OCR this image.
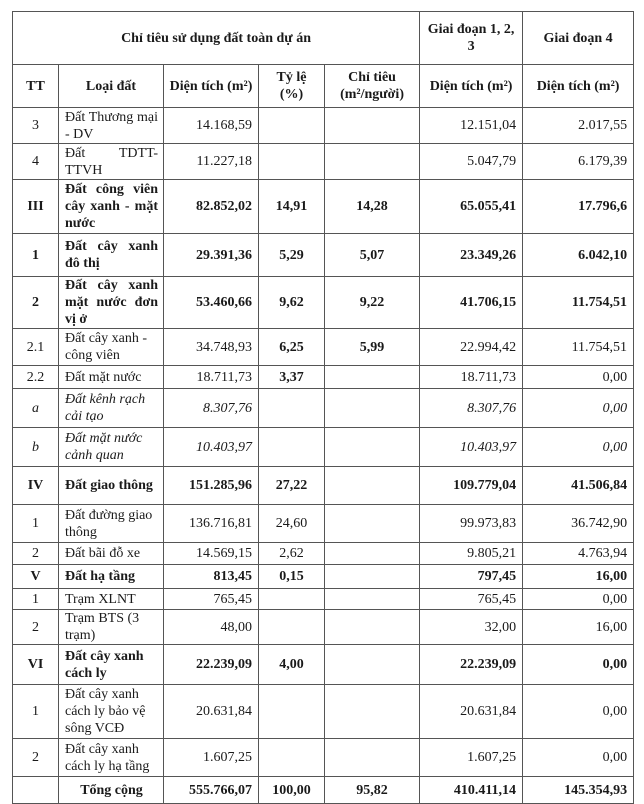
Chỉ tiêu sử dụng đất toàn dự án					Giai đoạn 1, 2, 3	Giai đoạn 4
TT	Loại đất	Diện tích (m²)	Tỷ lệ (%)	Chỉ tiêu (m²/người)	Diện tích (m²)	Diện tích (m²)
3	Đất Thương mại - DV	14.168,59			12.151,04	2.017,55
4	Đất TDTT-TTVH	11.227,18			5.047,79	6.179,39
III	Đất công viên cây xanh - mặt nước	82.852,02	14,91	14,28	65.055,41	17.796,6
1	Đất cây xanh đô thị	29.391,36	5,29	5,07	23.349,26	6.042,10
2	Đất cây xanh mặt nước đơn vị ở	53.460,66	9,62	9,22	41.706,15	11.754,51
2.1	Đất cây xanh - công viên	34.748,93	6,25	5,99	22.994,42	11.754,51
2.2	Đất mặt nước	18.711,73	3,37		18.711,73	0,00
a	Đất kênh rạch cải tạo	8.307,76			8.307,76	0,00
b	Đất mặt nước cảnh quan	10.403,97			10.403,97	0,00
IV	Đất giao thông	151.285,96	27,22		109.779,04	41.506,84
1	Đất đường giao thông	136.716,81	24,60		99.973,83	36.742,90
2	Đất bãi đỗ xe	14.569,15	2,62		9.805,21	4.763,94
V	Đất hạ tầng	813,45	0,15		797,45	16,00
1	Trạm XLNT	765,45			765,45	0,00
2	Trạm BTS (3 trạm)	48,00			32,00	16,00
VI	Đất cây xanh cách ly	22.239,09	4,00		22.239,09	0,00
1	Đất cây xanh cách ly bảo vệ sông VCĐ	20.631,84			20.631,84	0,00
2	Đất cây xanh cách ly hạ tầng	1.607,25			1.607,25	0,00
	Tổng cộng	555.766,07	100,00	95,82	410.411,14	145.354,93
